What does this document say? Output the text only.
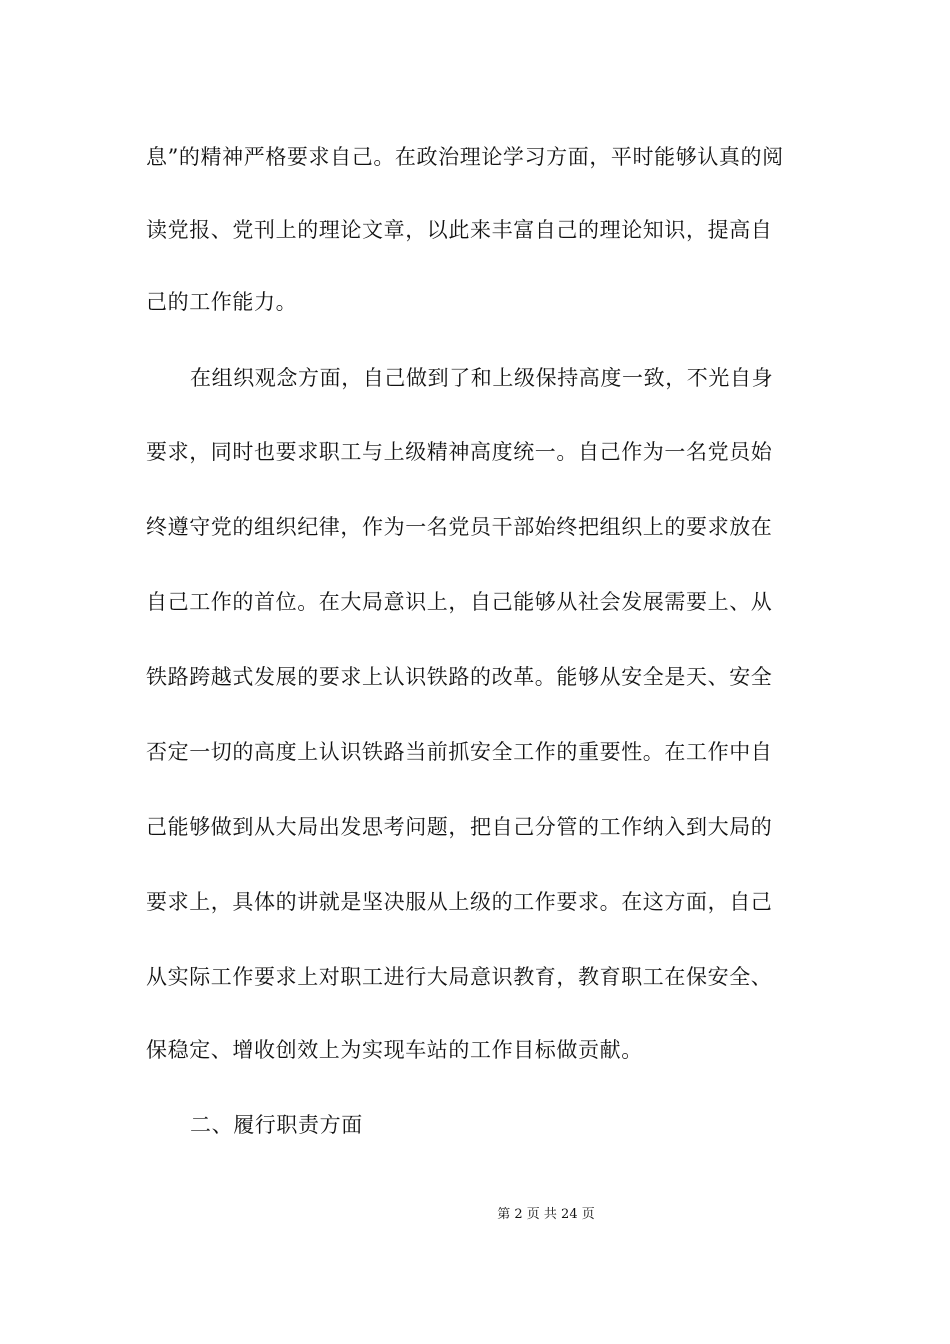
息”的精神严格要求自己。在政治理论学习方面，平时能够认真的阅
读党报、党刊上的理论文章，以此来丰富自己的理论知识，提高自
己的工作能力。
在组织观念方面，自己做到了和上级保持高度一致，不光自身
要求，同时也要求职工与上级精神高度统一。自己作为一名党员始
终遵守党的组织纪律，作为一名党员干部始终把组织上的要求放在
自己工作的首位。在大局意识上，自己能够从社会发展需要上、从
铁路跨越式发展的要求上认识铁路的改革。能够从安全是天、安全
否定一切的高度上认识铁路当前抓安全工作的重要性。在工作中自
己能够做到从大局出发思考问题，把自己分管的工作纳入到大局的
要求上，具体的讲就是坚决服从上级的工作要求。在这方面，自己
从实际工作要求上对职工进行大局意识教育，教育职工在保安全、
保稳定、增收创效上为实现车站的工作目标做贡献。
二、履行职责方面
第 2 页 共 24 页
